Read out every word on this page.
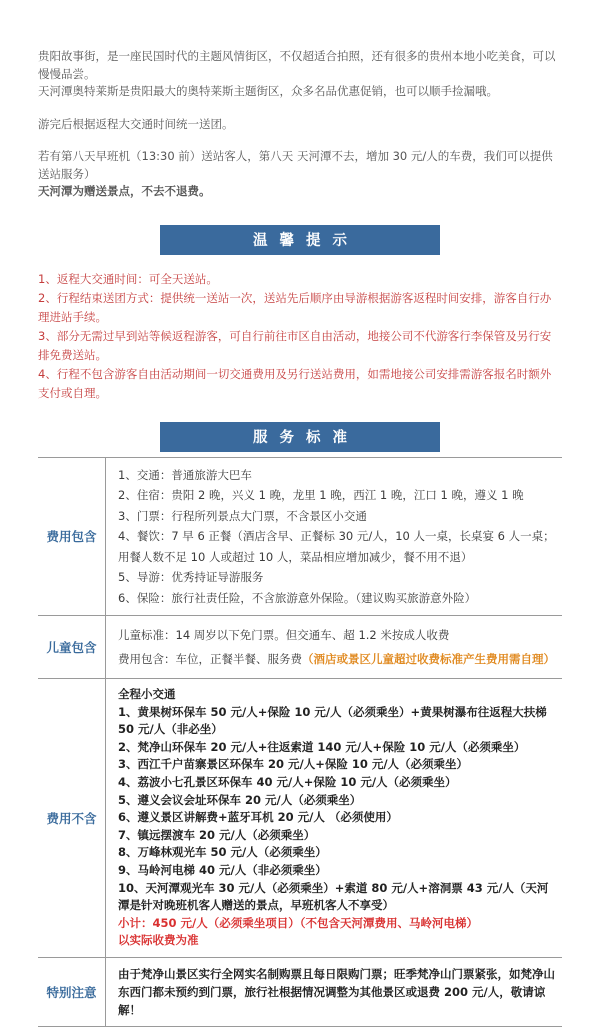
贵阳故事街，是一座民国时代的主题风情街区，不仅超适合拍照，还有很多的贵州本地小吃美食，可以慢慢品尝。

天河潭奥特莱斯是贵阳最大的奥特莱斯主题街区，众多名品优惠促销，也可以顺手捡漏哦。

游完后根据返程大交通时间统一送团。

若有第八天早班机（13:30 前）送站客人，第八天 天河潭不去，增加 30 元/人的车费，我们可以提供送站服务）

天河潭为赠送景点，不去不退费。

温馨提示

1、返程大交通时间：可全天送站。

2、行程结束送团方式：提供统一送站一次，送站先后顺序由导游根据游客返程时间安排，游客自行办理进站手续。

3、部分无需过早到站等候返程游客，可自行前往市区自由活动，地接公司不代游客行李保管及另行安排免费送站。

4、行程不包含游客自由活动期间一切交通费用及另行送站费用，如需地接公司安排需游客报名时额外支付或自理。

服务标准
费用包含

1、交通：普通旅游大巴车

2、住宿：贵阳 2 晚，兴义 1 晚，龙里 1 晚，西江 1 晚，江口 1 晚，遵义 1 晚

3、门票：行程所列景点大门票，不含景区小交通

4、餐饮：7 早 6 正餐（酒店含早、正餐标 30 元/人，10 人一桌，长桌宴 6 人一桌；用餐人数不足 10 人或超过 10 人，菜品相应增加减少，餐不用不退）

5、导游：优秀持证导游服务

6、保险：旅行社责任险，不含旅游意外保险。（建议购买旅游意外险）

儿童包含

儿童标准：14 周岁以下免门票。但交通车、超 1.2 米按成人收费

费用包含：车位，正餐半餐、服务费（酒店或景区儿童超过收费标准产生费用需自理）

费用不含

全程小交通

1、黄果树环保车 50 元/人+保险 10 元/人（必须乘坐）+黄果树瀑布往返程大扶梯 50 元/人（非必坐）

2、梵净山环保车 20 元/人+往返索道 140 元/人+保险 10 元/人（必须乘坐）

3、西江千户苗寨景区环保车 20 元/人+保险 10 元/人（必须乘坐）

4、荔波小七孔景区环保车 40 元/人+保险 10 元/人（必须乘坐）

5、遵义会议会址环保车 20 元/人（必须乘坐）

6、遵义景区讲解费+蓝牙耳机 20 元/人 （必须使用）

7、镇远摆渡车 20 元/人（必须乘坐）

8、万峰林观光车 50 元/人（必须乘坐）

9、马岭河电梯 40 元/人（非必须乘坐）

10、天河潭观光车 30 元/人（必须乘坐）+索道 80 元/人+溶洞票 43 元/人（天河潭是针对晚班机客人赠送的景点，早班机客人不享受）

小计：450 元/人（必须乘坐项目）（不包含天河潭费用、马岭河电梯）

以实际收费为准

特别注意

由于梵净山景区实行全网实名制购票且每日限购门票；旺季梵净山门票紧张，如梵净山东西门都未预约到门票，旅行社根据情况调整为其他景区或退费 200 元/人，敬请谅解！
